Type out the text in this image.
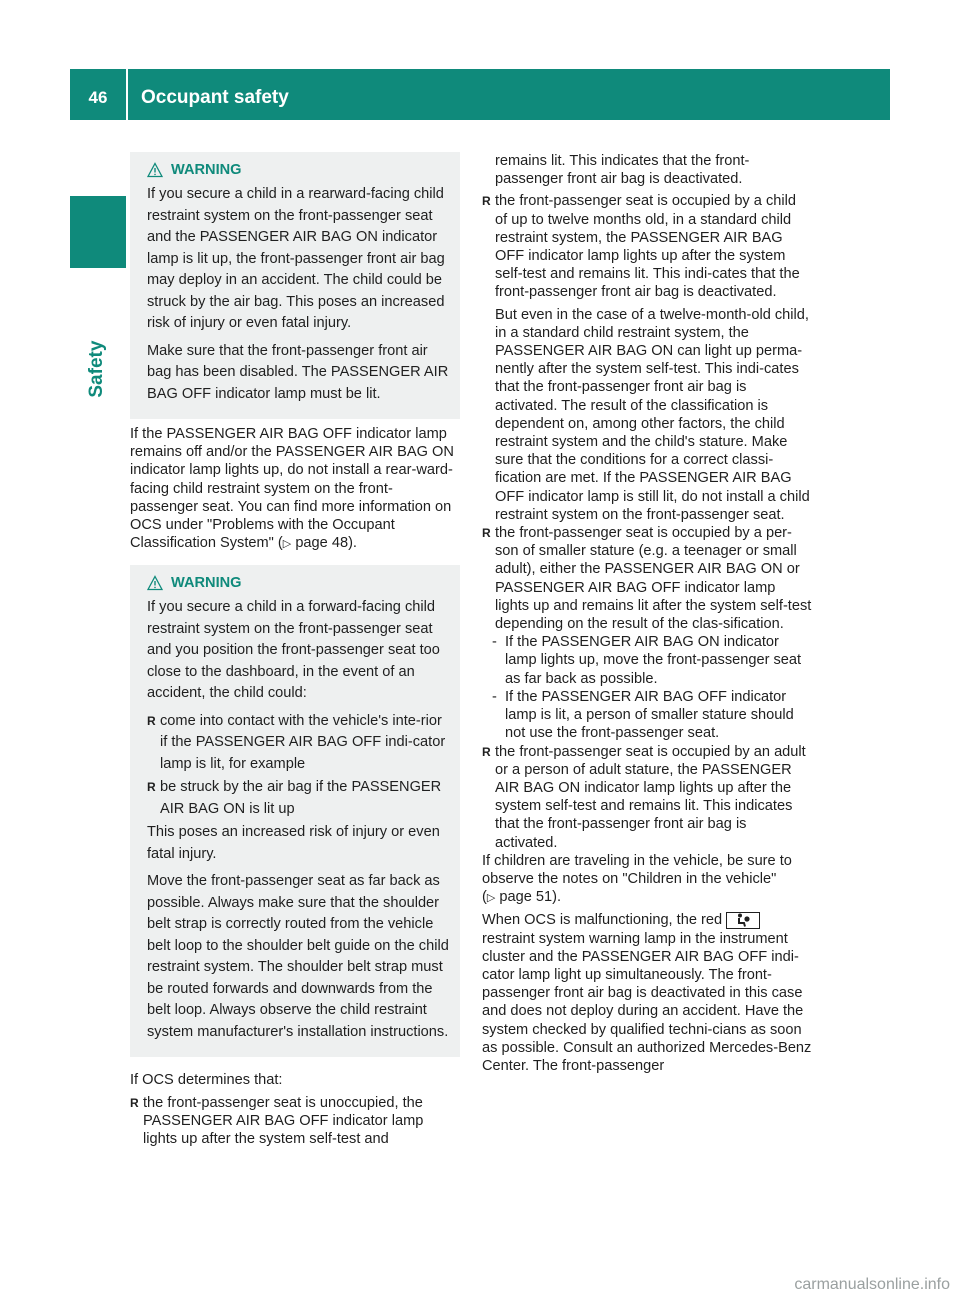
46	Occupant safety
Safety
WARNING

If you secure a child in a rearward-facing child restraint system on the front-passenger seat and the PASSENGER AIR BAG ON indicator lamp is lit up, the front-passenger front air bag may deploy in an accident. The child could be struck by the air bag. This poses an increased risk of injury or even fatal injury.

Make sure that the front-passenger front air bag has been disabled. The PASSENGER AIR BAG OFF indicator lamp must be lit.

If the PASSENGER AIR BAG OFF indicator lamp remains off and/or the PASSENGER AIR BAG ON indicator lamp lights up, do not install a rear-ward-facing child restraint system on the front-passenger seat. You can find more information on OCS under "Problems with the Occupant Classification System" (▷ page 48).

WARNING

If you secure a child in a forward-facing child restraint system on the front-passenger seat and you position the front-passenger seat too close to the dashboard, in the event of an accident, the child could:

R come into contact with the vehicle's inte-rior if the PASSENGER AIR BAG OFF indi-cator lamp is lit, for example
R be struck by the air bag if the PASSENGER AIR BAG ON is lit up

This poses an increased risk of injury or even fatal injury.

Move the front-passenger seat as far back as possible. Always make sure that the shoulder belt strap is correctly routed from the vehicle belt loop to the shoulder belt guide on the child restraint system. The shoulder belt strap must be routed forwards and downwards from the belt loop. Always observe the child restraint system manufacturer's installation instructions.

If OCS determines that:

R the front-passenger seat is unoccupied, the PASSENGER AIR BAG OFF indicator lamp lights up after the system self-test and

remains lit. This indicates that the front-passenger front air bag is deactivated.

R the front-passenger seat is occupied by a child of up to twelve months old, in a standard child restraint system, the PASSENGER AIR BAG OFF indicator lamp lights up after the system self-test and remains lit. This indi-cates that the front-passenger front air bag is deactivated.
But even in the case of a twelve-month-old child, in a standard child restraint system, the PASSENGER AIR BAG ON can light up perma-nently after the system self-test. This indi-cates that the front-passenger front air bag is activated. The result of the classification is dependent on, among other factors, the child restraint system and the child's stature. Make sure that the conditions for a correct classi-fication are met. If the PASSENGER AIR BAG OFF indicator lamp is still lit, do not install a child restraint system on the front-passenger seat.
R the front-passenger seat is occupied by a per-son of smaller stature (e.g. a teenager or small adult), either the PASSENGER AIR BAG ON or PASSENGER AIR BAG OFF indicator lamp lights up and remains lit after the system self-test depending on the result of the clas-sification.
- If the PASSENGER AIR BAG ON indicator lamp lights up, move the front-passenger seat as far back as possible.
- If the PASSENGER AIR BAG OFF indicator lamp is lit, a person of smaller stature should not use the front-passenger seat.
R the front-passenger seat is occupied by an adult or a person of adult stature, the PASSENGER AIR BAG ON indicator lamp lights up after the system self-test and remains lit. This indicates that the front-passenger front air bag is activated.

If children are traveling in the vehicle, be sure to observe the notes on "Children in the vehicle" (▷ page 51).

When OCS is malfunctioning, the red

restraint system warning lamp in the instrument cluster and the PASSENGER AIR BAG OFF indi-cator lamp light up simultaneously. The front-passenger front air bag is deactivated in this case and does not deploy during an accident. Have the system checked by qualified techni-cians as soon as possible. Consult an authorized Mercedes-Benz Center. The front-passenger

carmanualsonline.info
